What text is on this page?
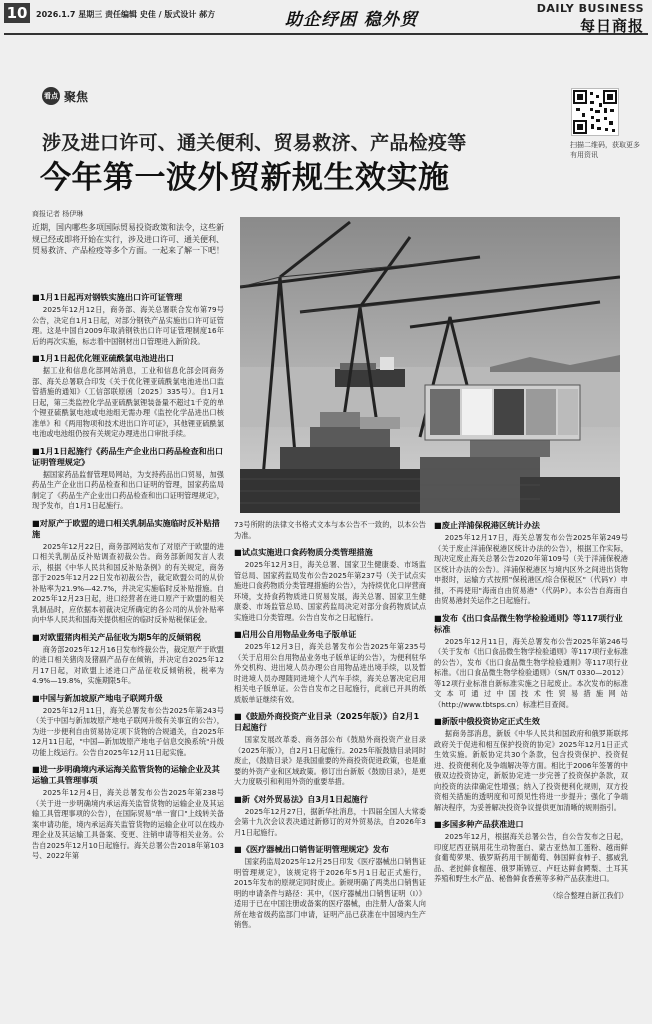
10	2026.1.7 星期三 责任编辑 史佳 / 版式设计 郝方	助企纾困 稳外贸
DAILY BUSINESS
每日商报
看点 聚焦
涉及进口许可、通关便利、贸易救济、产品检疫等
今年第一波外贸新规生效实施
扫描二维码，获取更多有用资讯
商报记者 杨伊琳
近期，国内哪些多项国际贸易投资政策和法令，这些新规已经或即将开始在实行，涉及进口许可、通关便利、贸易救济、产品检疫等多个方面。一起来了解一下吧！
■1月1日起再对钢铁实施出口许可证管理

2025年12月12日，商务部、海关总署联合发布第79号公告，决定自1月1日起，对部分钢铁产品实施出口许可证管理。这是中国自2009年取消钢铁出口许可证管理制度16年后的再次实施，标志着中国钢材出口管理进入新阶段。

■1月1日起优化锂亚硫酰氯电池进出口

据工业和信息化部网站消息，工业和信息化部会同商务部、海关总署联合印发《关于优化锂亚硫酰氯电池进出口监管措施的通知》（工信部联原函〔2025〕335号）。自1月1日起，第三类监控化学品亚硫酰氯锂装备量不超过1千克的单个锂亚硫酰氯电池或电池组无需办理《监控化学品进出口核准单》和《两用物项和技术进出口许可证》，其他锂亚硫酰氯电池或电池组仍按有关规定办理进出口审批手续。

■1月1日起施行《药品生产企业出口药品检查和出口证明管理规定》

据国家药品监督管理局网站，为支持药品出口贸易，加强药品生产企业出口药品检查和出口证明的管理，国家药监局制定了《药品生产企业出口药品检查和出口证明管理规定》，现予发布，自1月1日起施行。

■对原产于欧盟的进口相关乳制品实施临时反补贴措施

2025年12月22日，商务部网站发布了对原产于欧盟的进口相关乳制品反补贴调查初裁公告。商务部新闻发言人表示，根据《中华人民共和国反补贴条例》的有关规定，商务部于2025年12月22日发布初裁公告，裁定欧盟公司的从价补贴率为21.9%—42.7%，并决定实施临时反补贴措施。自2025年12月23日起，进口经营者在进口原产于欧盟的相关乳制品时，应依据本初裁决定所确定的各公司的从价补贴率向中华人民共和国海关提供相应的临时反补贴税保证金。

■对欧盟猪肉相关产品征收为期5年的反倾销税

商务部2025年12月16日发布终裁公告，裁定原产于欧盟的进口相关猪肉及猪副产品存在倾销，并决定自2025年12月17日起，对欧盟上述进口产品征收反倾销税，税率为4.9%—19.8%，实施期限5年。

■中国与新加坡原产地电子联网升级

2025年12月11日，海关总署发布公告2025年第243号（关于中国与新加坡原产地电子联网升级有关事宜的公告），为进一步便利自由贸易协定项下货物的合规通关，自2025年12月11日起，"中国—新加坡原产地电子信息交换系统"升级功能上线运行。公告自2025年12月11日起实施。

■进一步明确境内承运海关监管货物的运输企业及其运输工具管理事项

2025年12月4日，海关总署发布公告2025年第238号（关于进一步明确境内承运海关监管货物的运输企业及其运输工具管理事项的公告），在国际贸易"单一窗口"上线转关备案申请功能，境内承运海关监管货物的运输企业可以在线办理企业及其运输工具备案、变更、注销申请等相关业务。公告自2025年12月10日起施行。海关总署公告2018年第103号、2022年第

73号所附的法律文书格式文本与本公告不一致的，以本公告为准。

■试点实施进口食药物质分类管理措施

2025年12月3日，海关总署、国家卫生健康委、市场监管总局、国家药监局发布公告2025年第237号（关于试点实施进口食药物质分类管理措施的公告），为持续优化口岸营商环境，支持食药物质进口贸易发展，海关总署、国家卫生健康委、市场监管总局、国家药监局决定对部分食药物质试点实施进口分类管理。公告自发布之日起施行。

■启用公自用物品业务电子版单证

2025年12月3日，海关总署发布公告2025年第235号（关于启用公自用物品业务电子版单证的公告），为便利驻华外交机构、进出境人员办理公自用物品进出境手续，以及暂时进境人员办理随同进境个人汽车手续，海关总署决定启用相关电子版单证。公告自发布之日起施行，此前已开具的纸质版单证继续有效。

■《鼓励外商投资产业目录（2025年版）》自2月1日起施行

国家发展改革委、商务部公布《鼓励外商投资产业目录（2025年版）》，自2月1日起施行。2025年版鼓励目录同时废止，《鼓励目录》是我国重要的外商投资促进政策，也是重要的外资产业和区域政策。修订出台新版《鼓励目录》，是更大力度吸引和利用外资的重要举措。

■新《对外贸易法》自3月1日起施行

2025年12月27日，据新华社消息，十四届全国人大常委会第十九次会议表决通过新修订的对外贸易法，自2026年3月1日起施行。

■《医疗器械出口销售证明管理规定》发布

国家药监局2025年12月25日印发《医疗器械出口销售证明管理规定》，该规定将于2026年5月1日起正式施行，2015年发布的原规定同时废止。新规明确了两类出口销售证明的申请条件与路径：其中，《医疗器械出口销售证明（Ⅰ）》适用于已在中国注册或备案的医疗器械，由注册人/备案人向所在地省级药监部门申请，证明产品已获准在中国境内生产销售。

■废止洋浦保税港区统计办法

2025年12月17日，海关总署发布公告2025年第249号（关于废止洋浦保税港区统计办法的公告），根据工作实际，现决定废止海关总署公告2020年第109号（关于洋浦保税港区统计办法的公告）。洋浦保税港区与境内区外之间进出货物申报时，运输方式按照"保税港区/综合保税区"（代码Y）申报，不再使用"海南自由贸易港"（代码P）。本公告自海南自由贸易港封关运作之日起施行。

■发布《出口食品微生物学检验通则》等117项行业标准

2025年12月11日，海关总署发布公告2025年第246号（关于发布《出口食品微生物学检验通则》等117项行业标准的公告），发布《出口食品微生物学检验通则》等117项行业标准。《出口食品微生物学检验通则》（SN/T 0330—2012）等12项行业标准自新标准实施之日起废止。本次发布的标准文本可通过中国技术性贸易措施网站（http://www.tbtsps.cn）标准栏目查阅。

■新版中俄投资协定正式生效

据商务部消息，新版《中华人民共和国政府和俄罗斯联邦政府关于促进和相互保护投资的协定》2025年12月1日正式生效实施。新版协定共30个条款，包含投资保护、投资促进、投资便利化及争端解决等方面。相比于2006年签署的中俄双边投资协定，新版协定进一步完善了投资保护条款，双向投资的法律确定性增强；纳入了投资便利化规则，双方投资相关措施的透明度和可预见性将进一步提升；强化了争端解决程序，为妥善解决投资争议提供更加清晰的规则指引。

■多国多种产品获准进口

2025年12月，根据海关总署公告，自公告发布之日起，印度尼西亚锅用花生动物蛋白、蒙古亚热加工蛋粉、越南鲜食葡萄萝果、俄罗斯药用干制葡萄、韩国鲜食柿子、挪威乳品、老挝鲜食榴莲、俄罗斯锦豆、卢旺达鲜食鳄梨、土耳其养殖和野生水产品、秘鲁鲜食香蕉等多种产品获准进口。

（综合整理自新江我们）
